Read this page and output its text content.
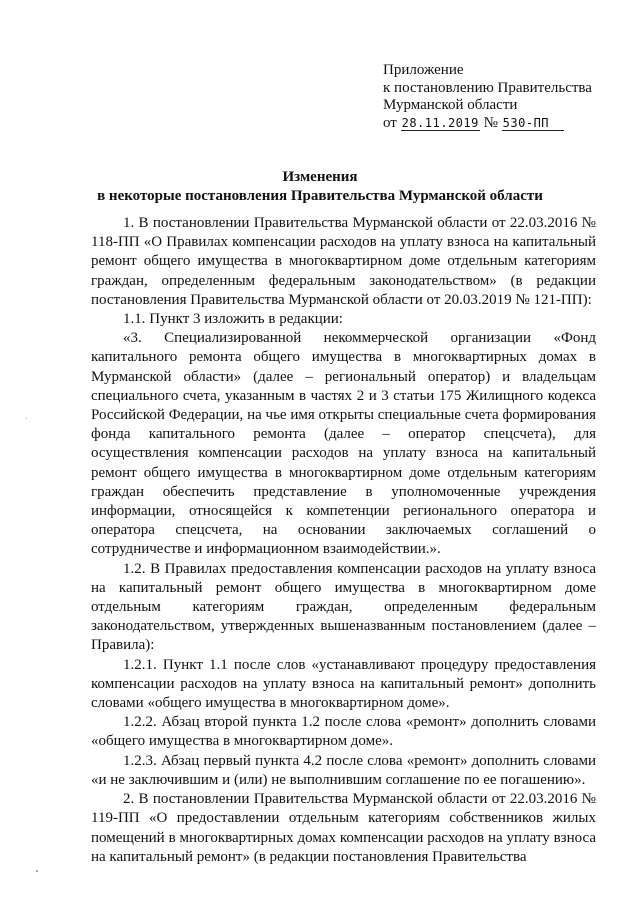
Приложение
к постановлению Правительства
Мурманской области
от 28.11.2019 № 530-ПП
Изменения
в некоторые постановления Правительства Мурманской области

1. В постановлении Правительства Мурманской области от 22.03.2016 № 118-ПП «О Правилах компенсации расходов на уплату взноса на капитальный ремонт общего имущества в многоквартирном доме отдельным категориям граждан, определенным федеральным законодательством» (в редакции постановления Правительства Мурманской области от 20.03.2019 № 121-ПП):

1.1. Пункт 3 изложить в редакции:

«3. Специализированной некоммерческой организации «Фонд капитального ремонта общего имущества в многоквартирных домах в Мурманской области» (далее – региональный оператор) и владельцам специального счета, указанным в частях 2 и 3 статьи 175 Жилищного кодекса Российской Федерации, на чье имя открыты специальные счета формирования фонда капитального ремонта (далее – оператор спецсчета), для осуществления компенсации расходов на уплату взноса на капитальный ремонт общего имущества в многоквартирном доме отдельным категориям граждан обеспечить представление в уполномоченные учреждения информации, относящейся к компетенции регионального оператора и оператора спецсчета, на основании заключаемых соглашений о сотрудничестве и информационном взаимодействии.».

1.2. В Правилах предоставления компенсации расходов на уплату взноса на капитальный ремонт общего имущества в многоквартирном доме отдельным категориям граждан, определенным федеральным законодательством, утвержденных вышеназванным постановлением (далее – Правила):

1.2.1. Пункт 1.1 после слов «устанавливают процедуру предоставления компенсации расходов на уплату взноса на капитальный ремонт» дополнить словами «общего имущества в многоквартирном доме».

1.2.2. Абзац второй пункта 1.2 после слова «ремонт» дополнить словами «общего имущества в многоквартирном доме».

1.2.3. Абзац первый пункта 4.2 после слова «ремонт» дополнить словами «и не заключившим и (или) не выполнившим соглашение по ее погашению».

2. В постановлении Правительства Мурманской области от 22.03.2016 № 119-ПП «О предоставлении отдельным категориям собственников жилых помещений в многоквартирных домах компенсации расходов на уплату взноса на капитальный ремонт» (в редакции постановления Правительства
